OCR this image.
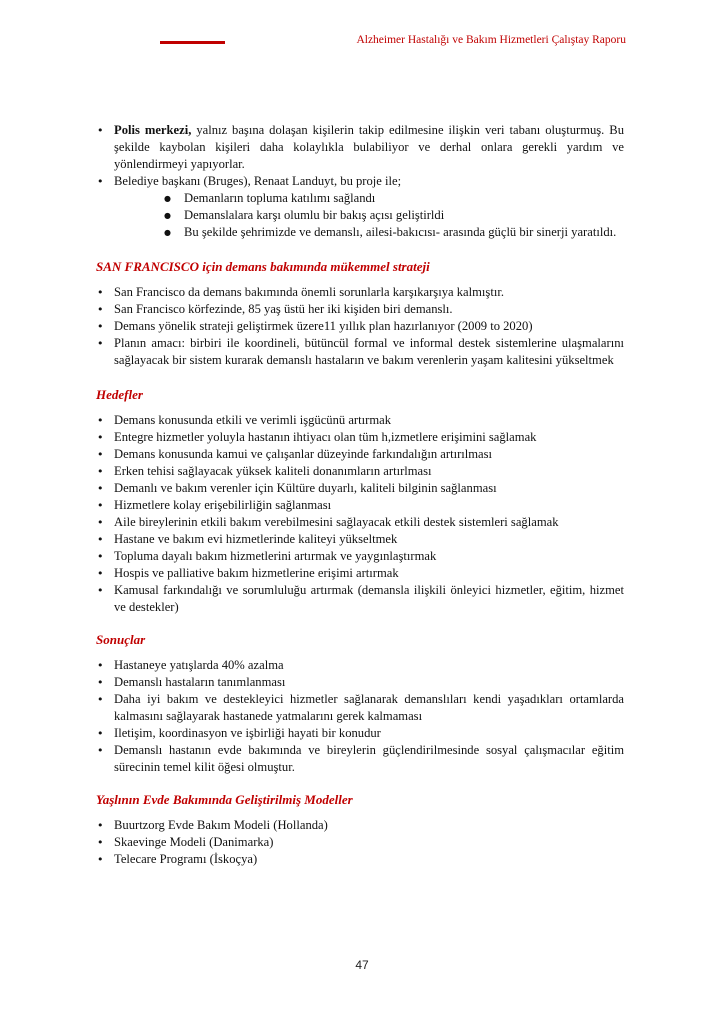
Alzheimer Hastalığı ve Bakım Hizmetleri Çalıştay Raporu
• Polis merkezi, yalnız başına dolaşan kişilerin takip edilmesine ilişkin veri tabanı oluşturmuş. Bu şekilde kaybolan kişileri daha kolaylıkla bulabiliyor ve derhal onlara gerekli yardım ve yönlendirmeyi yapıyorlar.
• Belediye başkanı (Bruges), Renaat Landuyt, bu proje ile;
● Demanların topluma katılımı sağlandı
● Demanslalara karşı olumlu bir bakış açısı geliştirldi
● Bu şekilde şehrimizde ve demanslı, ailesi-bakıcısı- arasında güçlü bir sinerji yaratıldı.
SAN FRANCISCO için demans bakımında mükemmel strateji
• San Francisco da demans bakımında önemli sorunlarla karşıkarşıya kalmıştır.
• San Francisco körfezinde, 85 yaş üstü her iki kişiden biri demanslı.
• Demans yönelik strateji geliştirmek üzere11 yıllık plan hazırlanıyor (2009 to 2020)
• Planın amacı: birbiri ile koordineli, bütüncül formal ve informal destek sistemlerine ulaşmalarını sağlayacak bir sistem kurarak demanslı hastaların ve bakım verenlerin yaşam kalitesini yükseltmek
Hedefler
• Demans konusunda etkili ve verimli işgücünü artırmak
• Entegre hizmetler yoluyla hastanın ihtiyacı olan tüm h,izmetlere erişimini sağlamak
• Demans konusunda kamui ve çalışanlar düzeyinde farkındalığın artırılması
• Erken tehisi sağlayacak yüksek kaliteli donanımların artırlması
• Demanlı ve bakım verenler için Kültüre duyarlı, kaliteli bilginin sağlanması
• Hizmetlere kolay erişebilirliğin sağlanması
• Aile bireylerinin etkili bakım verebilmesini sağlayacak etkili destek sistemleri sağlamak
• Hastane ve bakım evi hizmetlerinde kaliteyi yükseltmek
• Topluma dayalı bakım hizmetlerini artırmak ve yaygınlaştırmak
• Hospis ve palliative bakım hizmetlerine erişimi artırmak
• Kamusal farkındalığı ve sorumluluğu artırmak (demansla ilişkili önleyici hizmetler, eğitim, hizmet ve destekler)
Sonuçlar
• Hastaneye yatışlarda 40% azalma
• Demanslı hastaların tanımlanması
• Daha iyi bakım ve destekleyici hizmetler sağlanarak demanslıları kendi yaşadıkları ortamlarda kalmasını sağlayarak hastanede yatmalarını gerek kalmaması
• Iletişim, koordinasyon ve işbirliği hayati bir konudur
• Demanslı hastanın evde bakımında ve bireylerin güçlendirilmesinde sosyal çalışmacılar eğitim sürecinin temel kilit öğesi olmuştur.
Yaşlının Evde Bakımında Geliştirilmiş Modeller
• Buurtzorg Evde Bakım Modeli (Hollanda)
• Skaevinge Modeli (Danimarka)
• Telecare Programı (İskoçya)
47
